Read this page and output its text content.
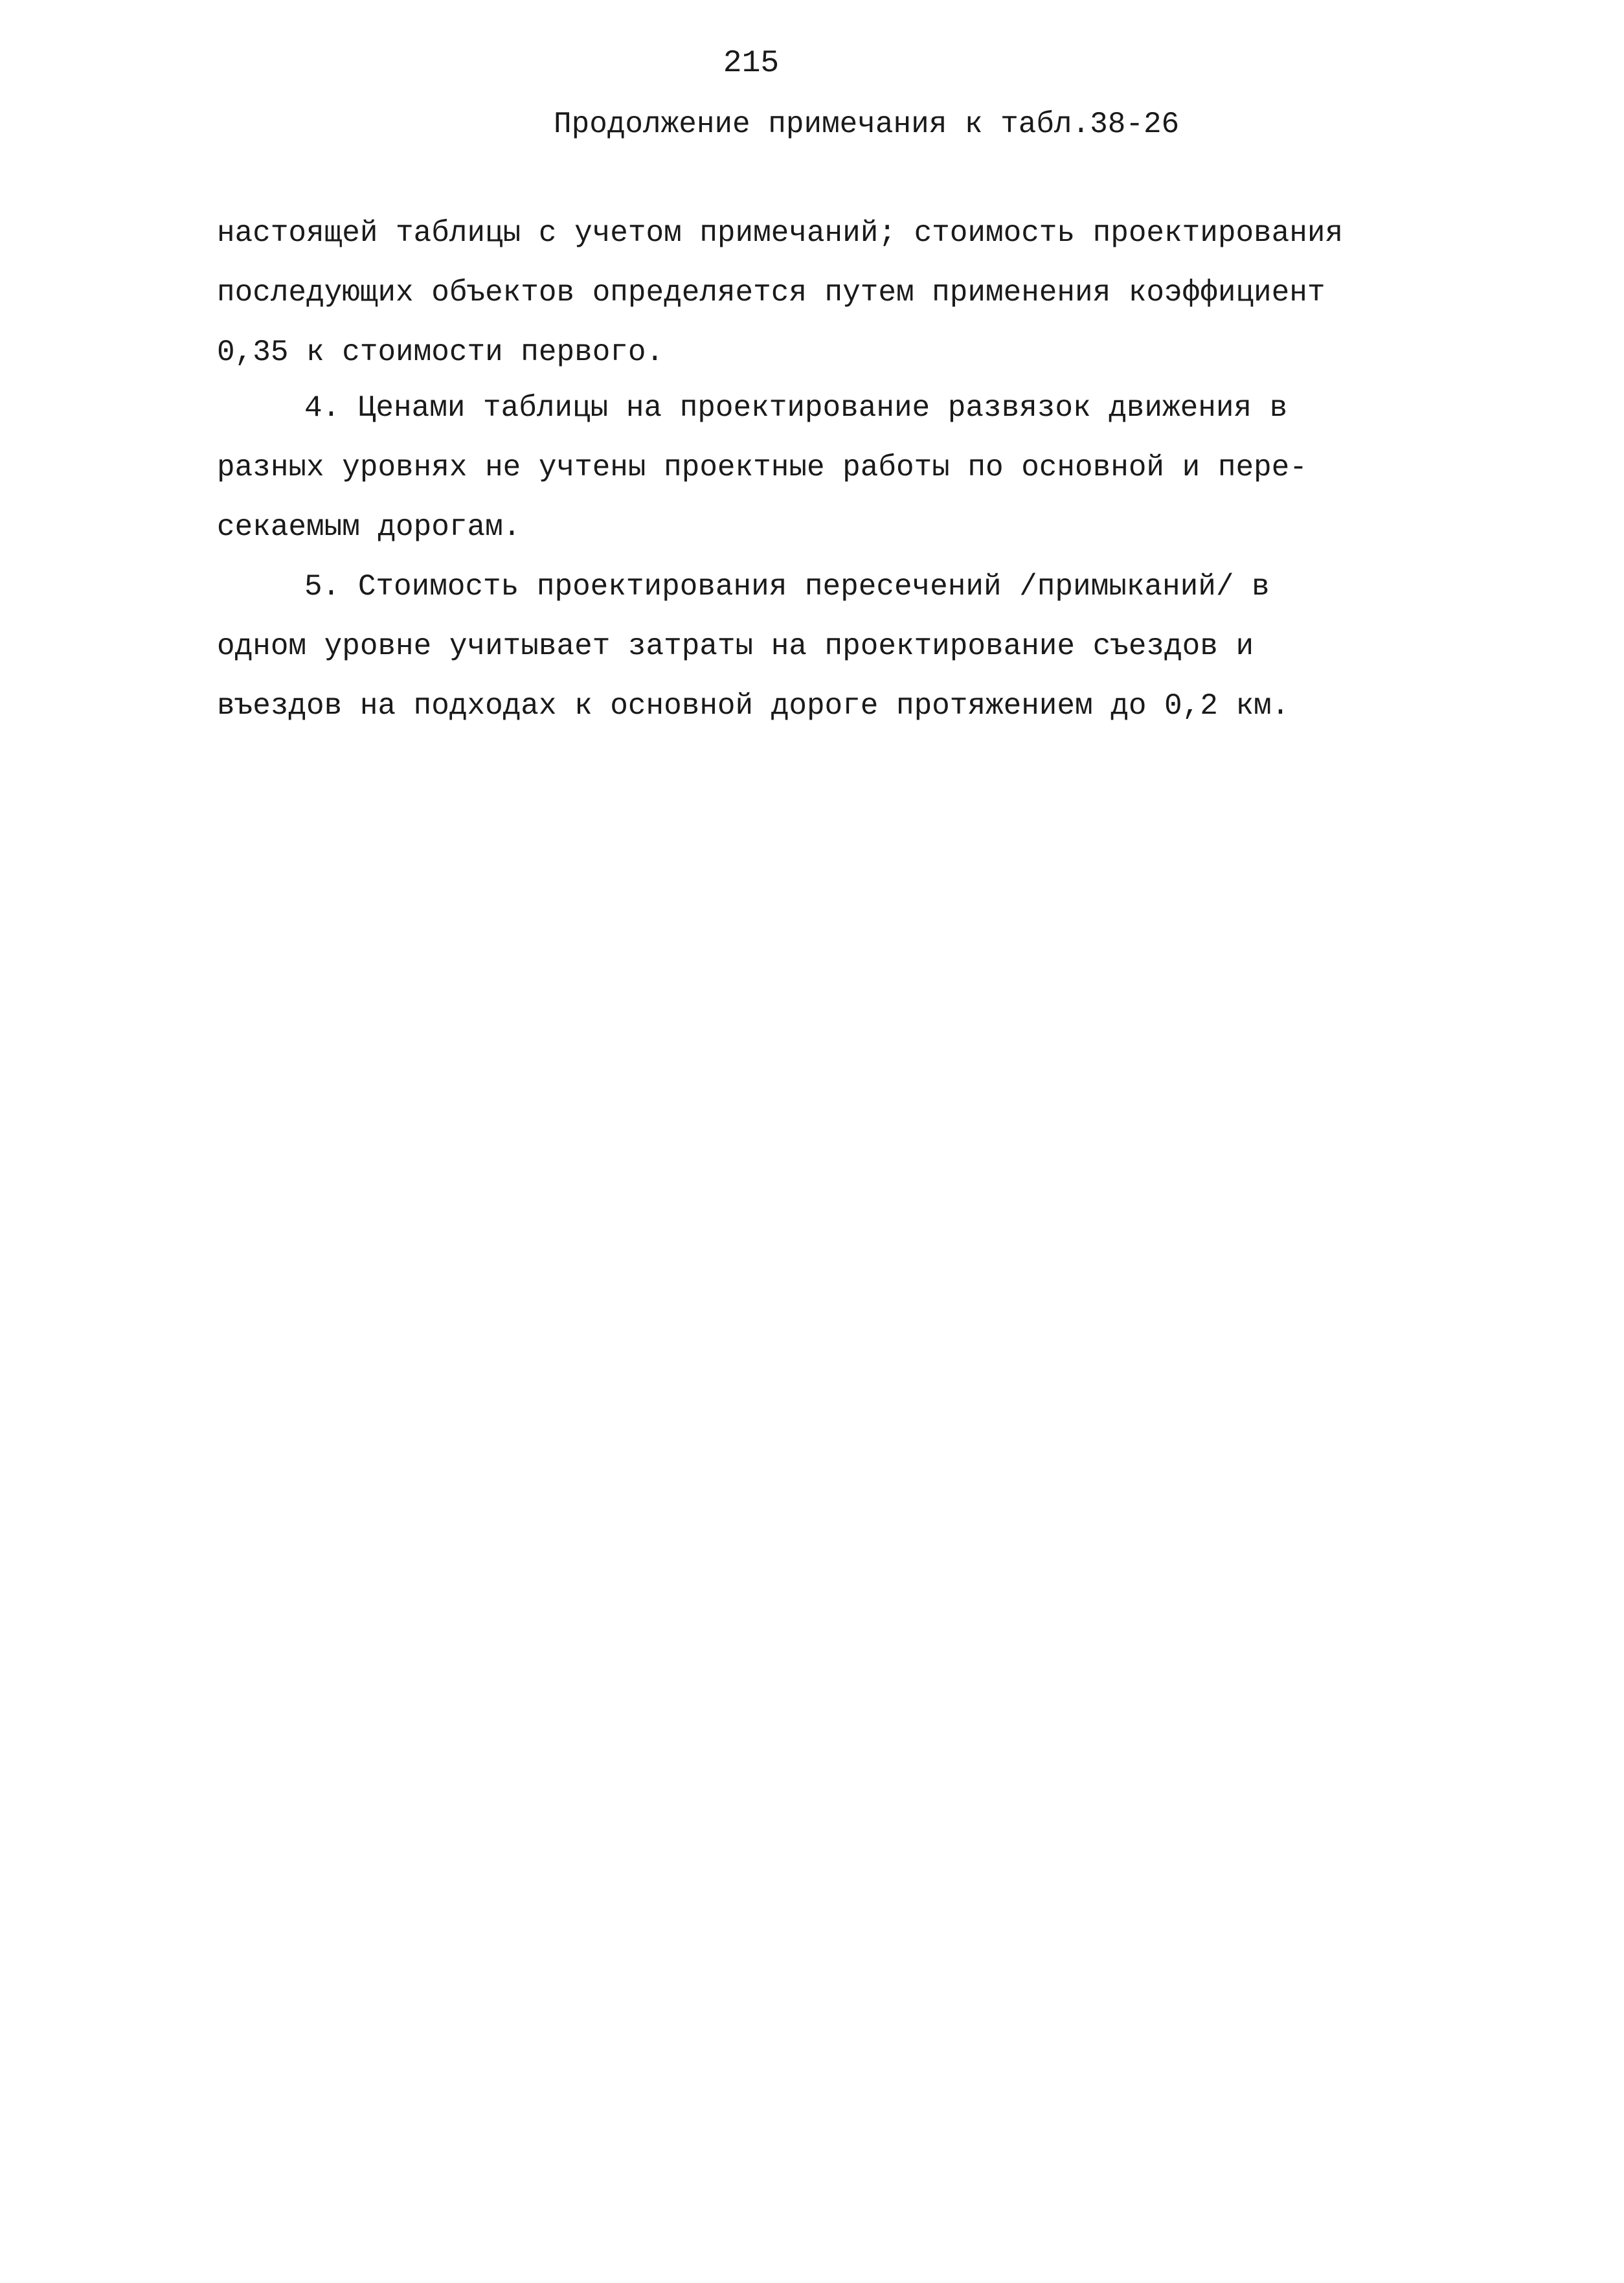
215
Продолжение примечания к табл.38-26
настоящей таблицы с учетом примечаний; стоимость проектирования
последующих объектов определяется путем применения коэффициент
0,35 к стоимости первого.
4. Ценами таблицы на проектирование развязок движения в
разных уровнях не учтены проектные работы по основной и пере-
секаемым дорогам.
5. Стоимость проектирования пересечений /примыканий/ в
одном уровне учитывает затраты на проектирование съездов и
въездов на подходах к основной дороге протяжением до 0,2 км.
